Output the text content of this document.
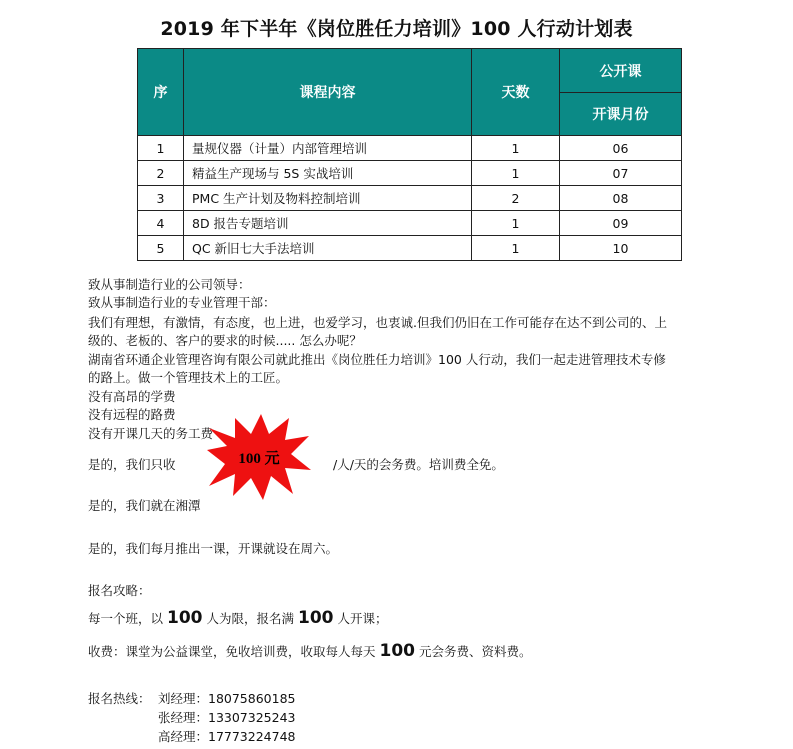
2019 年下半年《岗位胜任力培训》100 人行动计划表
序	课程内容	天数	公开课
			开课月份
1	量规仪器（计量）内部管理培训	1	06
2	精益生产现场与 5S 实战培训	1	07
3	PMC 生产计划及物料控制培训	2	08
4	8D 报告专题培训	1	09
5	QC 新旧七大手法培训	1	10
致从事制造行业的公司领导：
致从事制造行业的专业管理干部：
我们有理想，有激情，有态度，也上进，也爱学习，也衷诚.但我们仍旧在工作可能存在达不到公司的、上
级的、老板的、客户的要求的时候..... 怎么办呢？
湖南省环通企业管理咨询有限公司就此推出《岗位胜任力培训》100 人行动，我们一起走进管理技术专修
的路上。做一个管理技术上的工匠。
没有高昂的学费
没有远程的路费
没有开课几天的务工费
是的，我们只收	100 元	/人/天的会务费。培训费全免。
是的，我们就在湘潭
是的，我们每月推出一课，开课就设在周六。
报名攻略：
每一个班，以 100 人为限，报名满 100 人开课；
收费：课堂为公益课堂，免收培训费，收取每人每天 100 元会务费、资料费。
报名热线： 刘经理：18075860185
张经理：13307325243
高经理：17773224748
